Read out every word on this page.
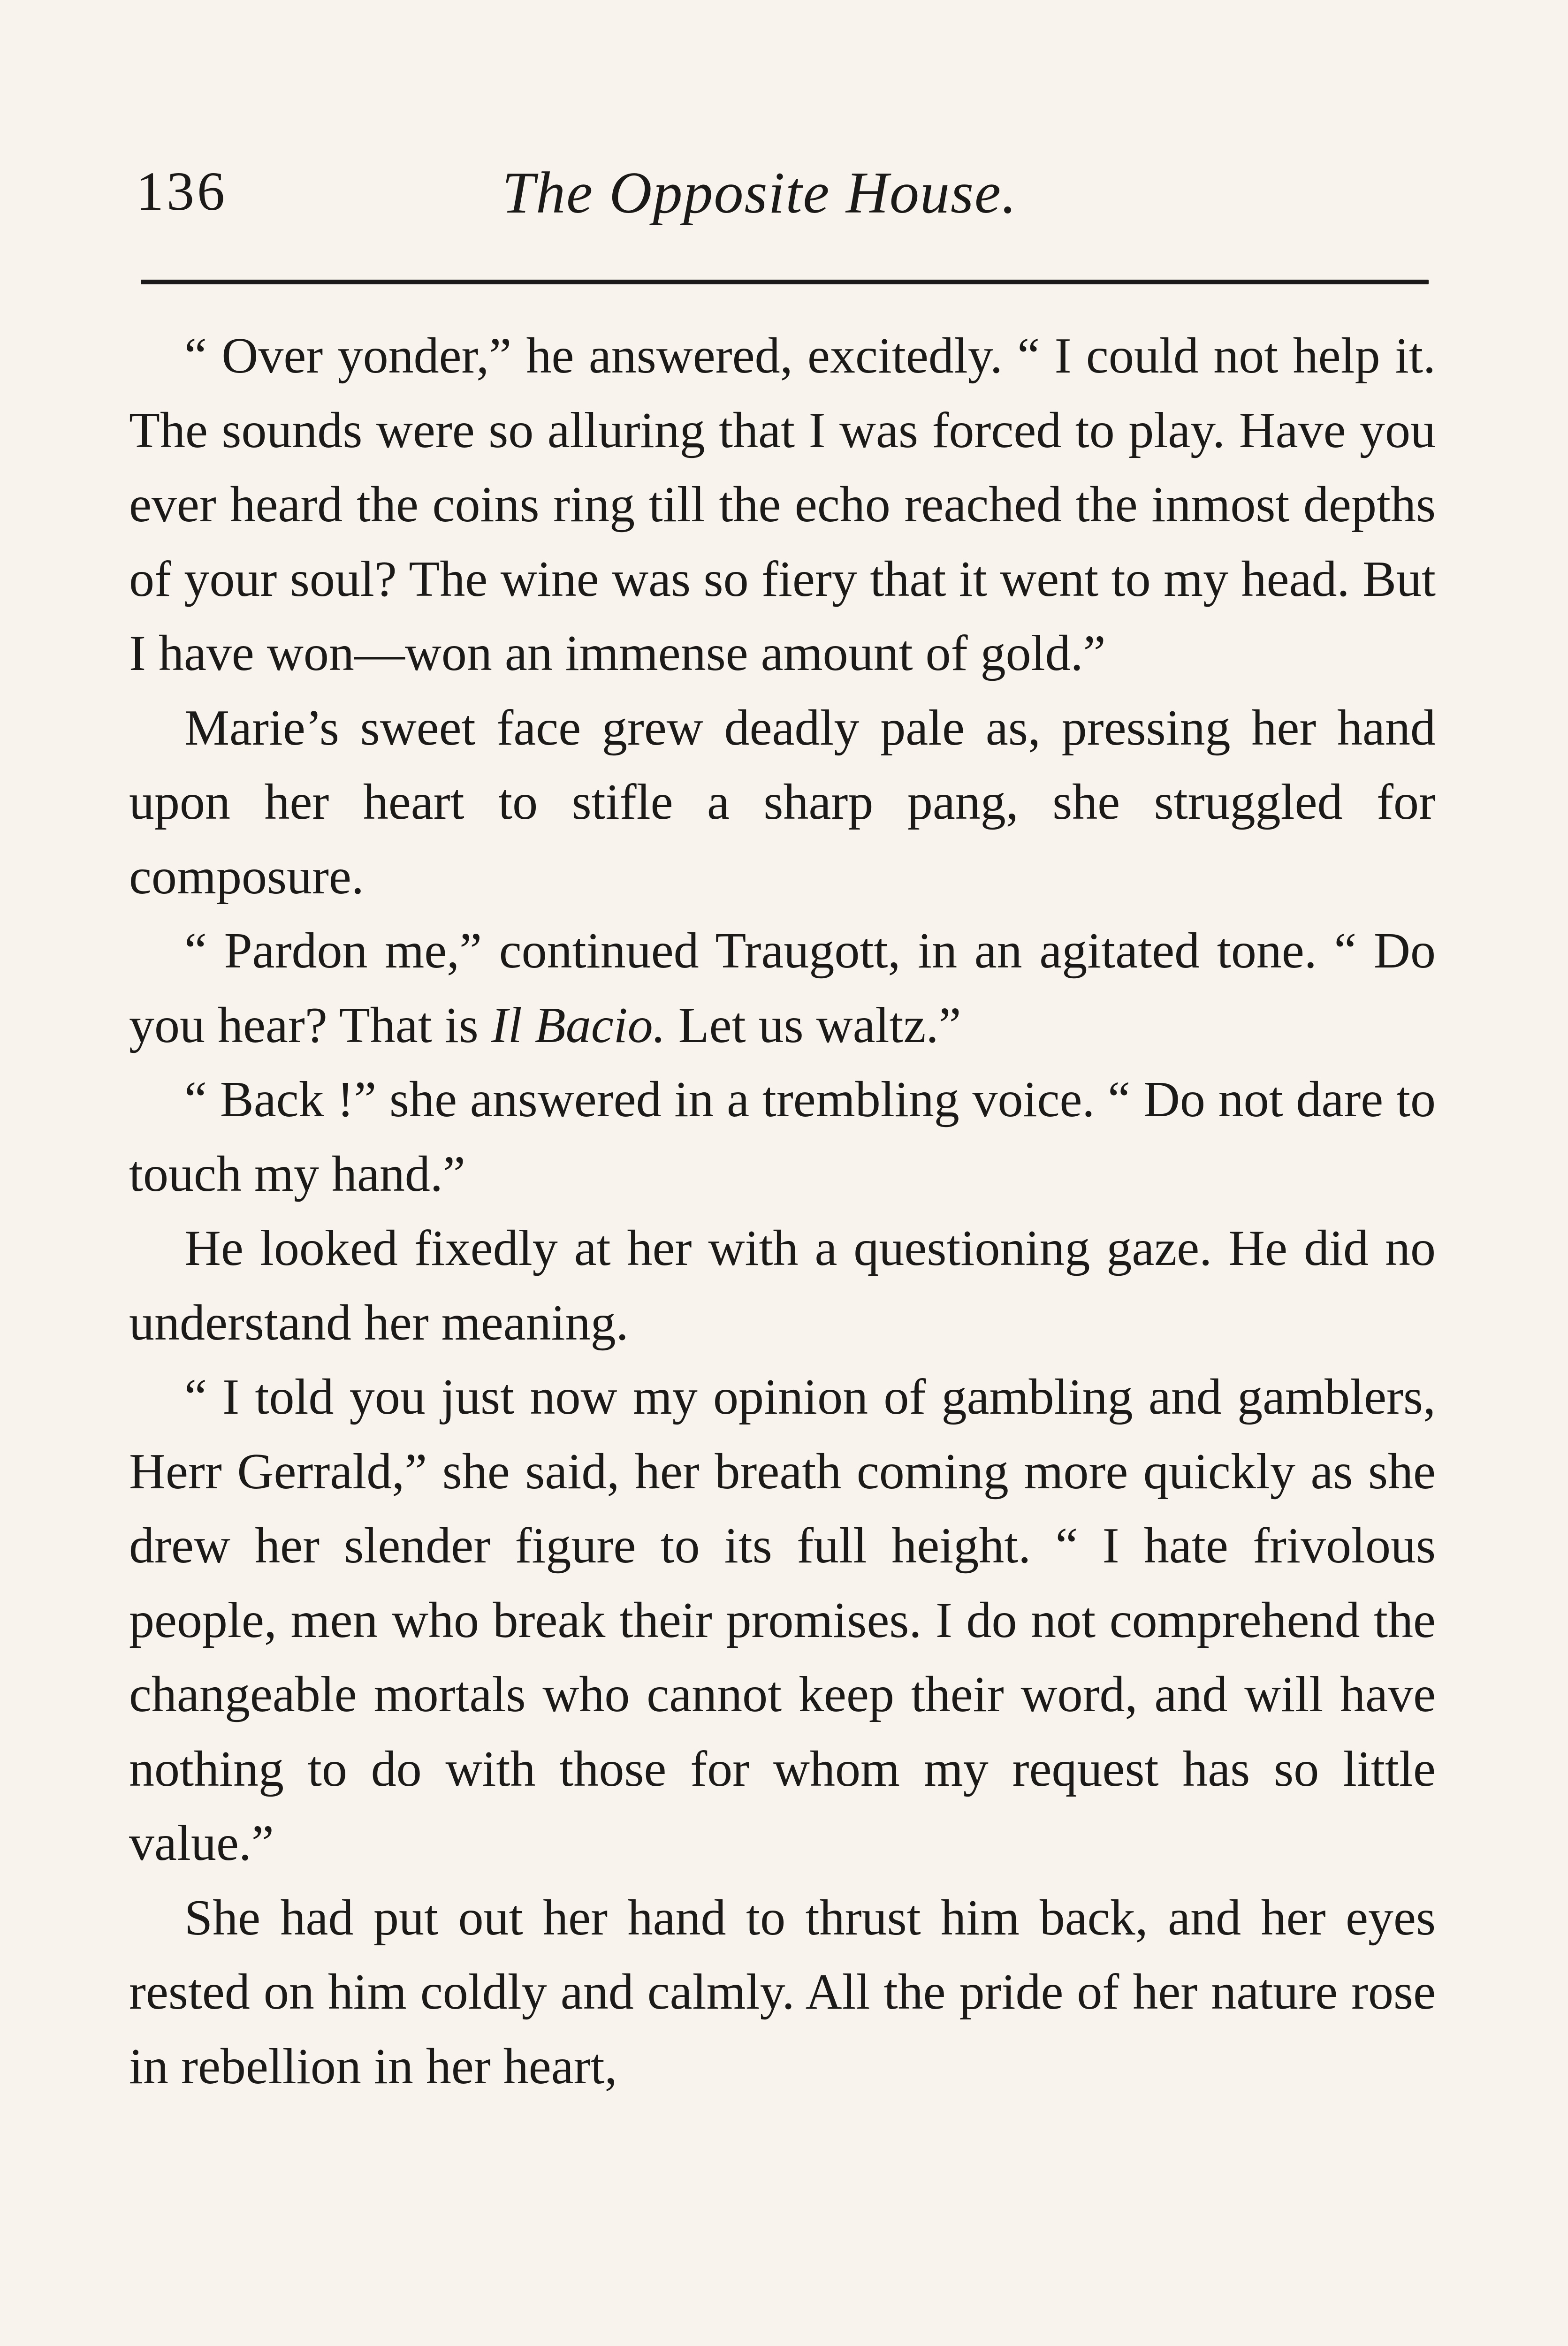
136	The Opposite House.

“ Over yonder,” he answered, excitedly. “ I could not help it. The sounds were so alluring that I was forced to play. Have you ever heard the coins ring till the echo reached the inmost depths of your soul? The wine was so fiery that it went to my head. But I have won—won an immense amount of gold.”

Marie’s sweet face grew deadly pale as, pressing her hand upon her heart to stifle a sharp pang, she struggled for composure.

“ Pardon me,” continued Traugott, in an agitated tone. “ Do you hear? That is Il Bacio. Let us waltz.”

“ Back !” she answered in a trembling voice. “ Do not dare to touch my hand.”

He looked fixedly at her with a questioning gaze. He did no understand her meaning.

“ I told you just now my opinion of gambling and gamblers, Herr Gerrald,” she said, her breath coming more quickly as she drew her slender figure to its full height. “ I hate frivolous people, men who break their promises. I do not comprehend the changeable mortals who cannot keep their word, and will have nothing to do with those for whom my request has so little value.”

She had put out her hand to thrust him back, and her eyes rested on him coldly and calmly. All the pride of her nature rose in rebellion in her heart,
